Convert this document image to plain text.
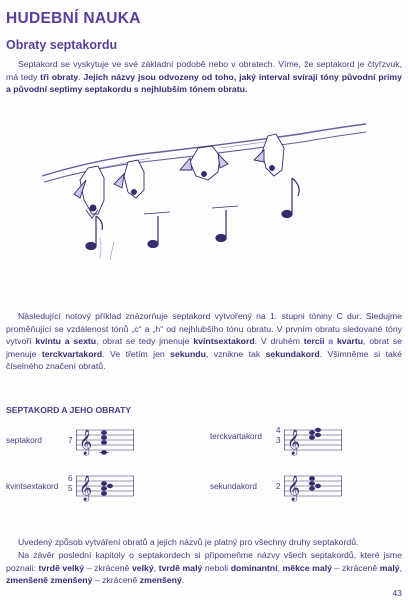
HUDEBNÍ NAUKA
Obraty septakordu

Septakord se vyskytuje ve své základní podobě nebo v obratech. Víme, že septakord je čtyřzvuk, má tedy tři obraty. Jejich názvy jsou odvozeny od toho, jaký interval svírají tóny původní primy a původní septimy septakordu s nejhlubším tónem obratu.

Následující notový příklad znázorňuje septakord vytvořený na 1. stupni tóniny C dur. Sledujme proměňující se vzdálenost tónů „c“ a „h“ od nejhlubšího tónu obratu. V prvním obratu sledované tóny vytvoří kvintu a sextu, obrat se tedy jmenuje kvintsextakord. V druhém tercii a kvartu, obrat se jmenuje terckvartakord. Ve třetím jen sekundu, vznikne tak sekundakord. Všimněme si také číselného značení obratů.

SEPTAKORD A JEHO OBRATY

septakord	7 𝄞	terckvartakord
4
3 𝄞
kvintsextakord
6
5 𝄞	sekundakord 2 𝄞

Uvedený způsob vytváření obratů a jejich názvů je platný pro všechny druhy septakordů.

Na závěr poslední kapitoly o septakordech si připomeňme názvy všech septakordů, které jsme poznali: tvrdě velký – zkráceně velký, tvrdě malý neboli dominantní, měkce malý – zkráceně malý, zmenšeně zmenšený – zkráceně zmenšený.

43
